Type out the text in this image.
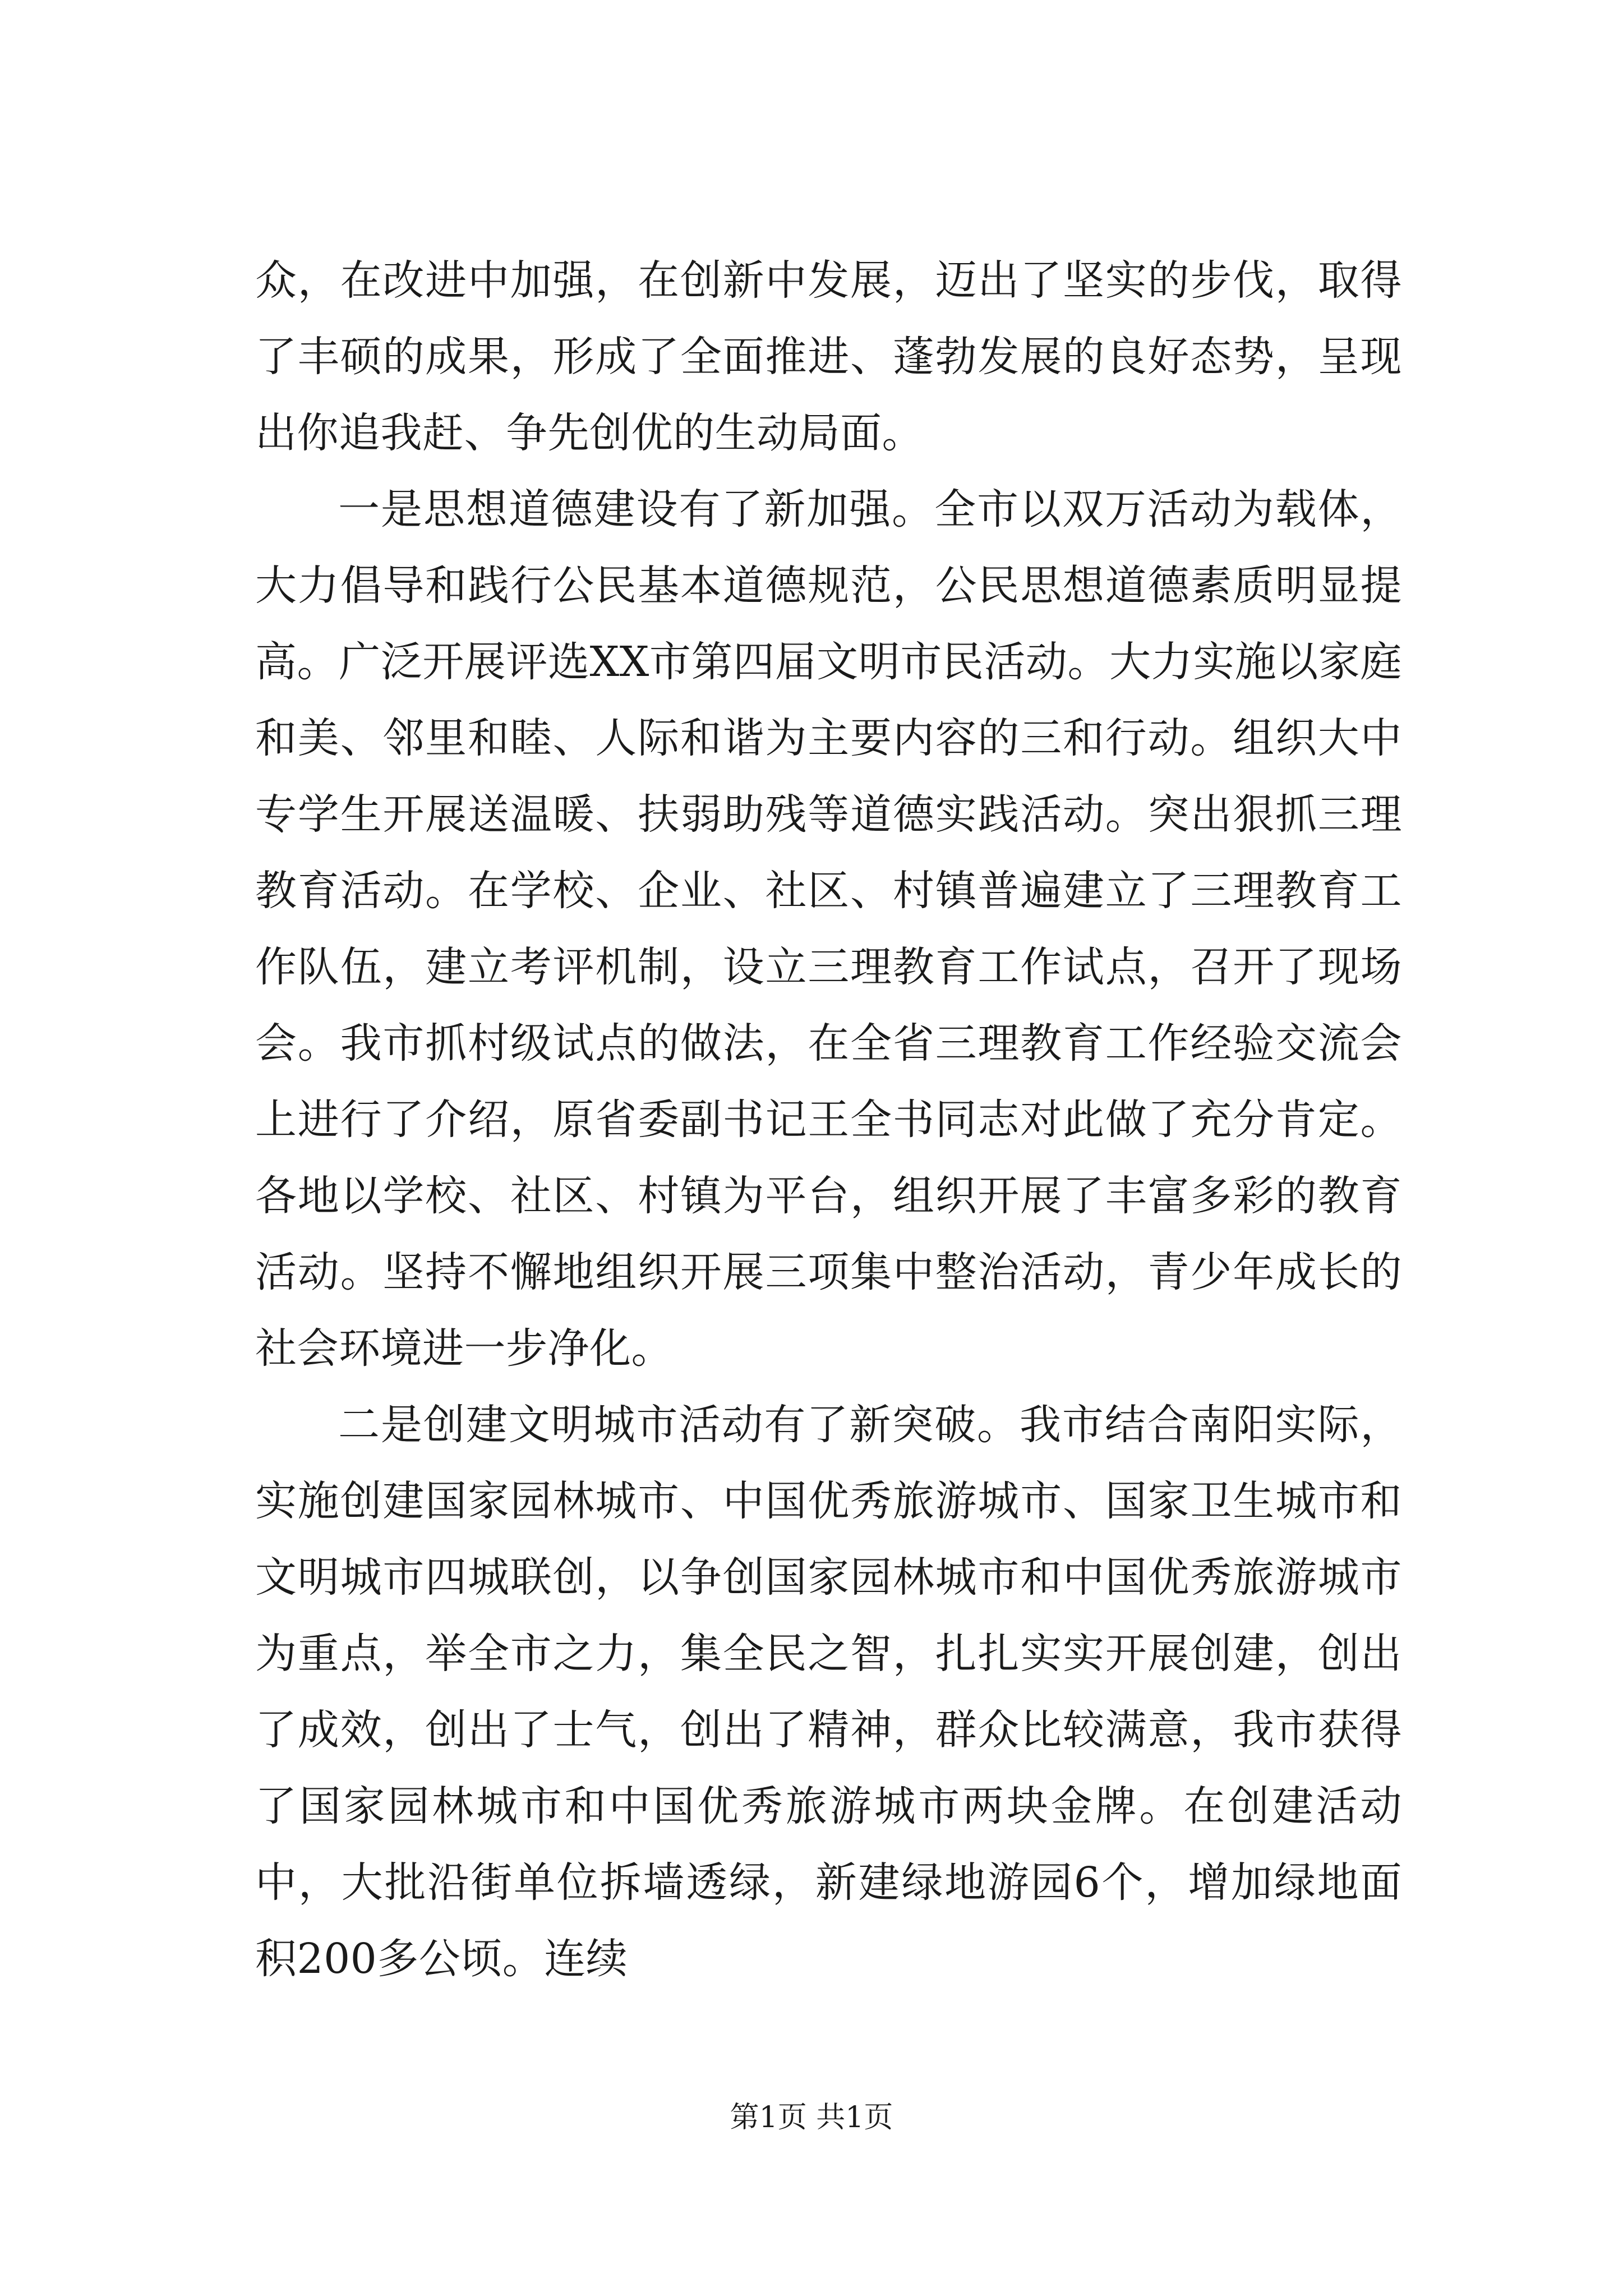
众，在改进中加强，在创新中发展，迈出了坚实的步伐，取得了丰硕的成果，形成了全面推进、蓬勃发展的良好态势，呈现出你追我赶、争先创优的生动局面。

一是思想道德建设有了新加强。全市以双万活动为载体，大力倡导和践行公民基本道德规范，公民思想道德素质明显提高。广泛开展评选XX市第四届文明市民活动。大力实施以家庭和美、邻里和睦、人际和谐为主要内容的三和行动。组织大中专学生开展送温暖、扶弱助残等道德实践活动。突出狠抓三理教育活动。在学校、企业、社区、村镇普遍建立了三理教育工作队伍，建立考评机制，设立三理教育工作试点，召开了现场会。我市抓村级试点的做法，在全省三理教育工作经验交流会上进行了介绍，原省委副书记王全书同志对此做了充分肯定。各地以学校、社区、村镇为平台，组织开展了丰富多彩的教育活动。坚持不懈地组织开展三项集中整治活动，青少年成长的社会环境进一步净化。

二是创建文明城市活动有了新突破。我市结合南阳实际，实施创建国家园林城市、中国优秀旅游城市、国家卫生城市和文明城市四城联创，以争创国家园林城市和中国优秀旅游城市为重点，举全市之力，集全民之智，扎扎实实开展创建，创出了成效，创出了士气，创出了精神，群众比较满意，我市获得了国家园林城市和中国优秀旅游城市两块金牌。在创建活动中，大批沿街单位拆墙透绿，新建绿地游园6个，增加绿地面积200多公顷。连续

第1页 共1页
